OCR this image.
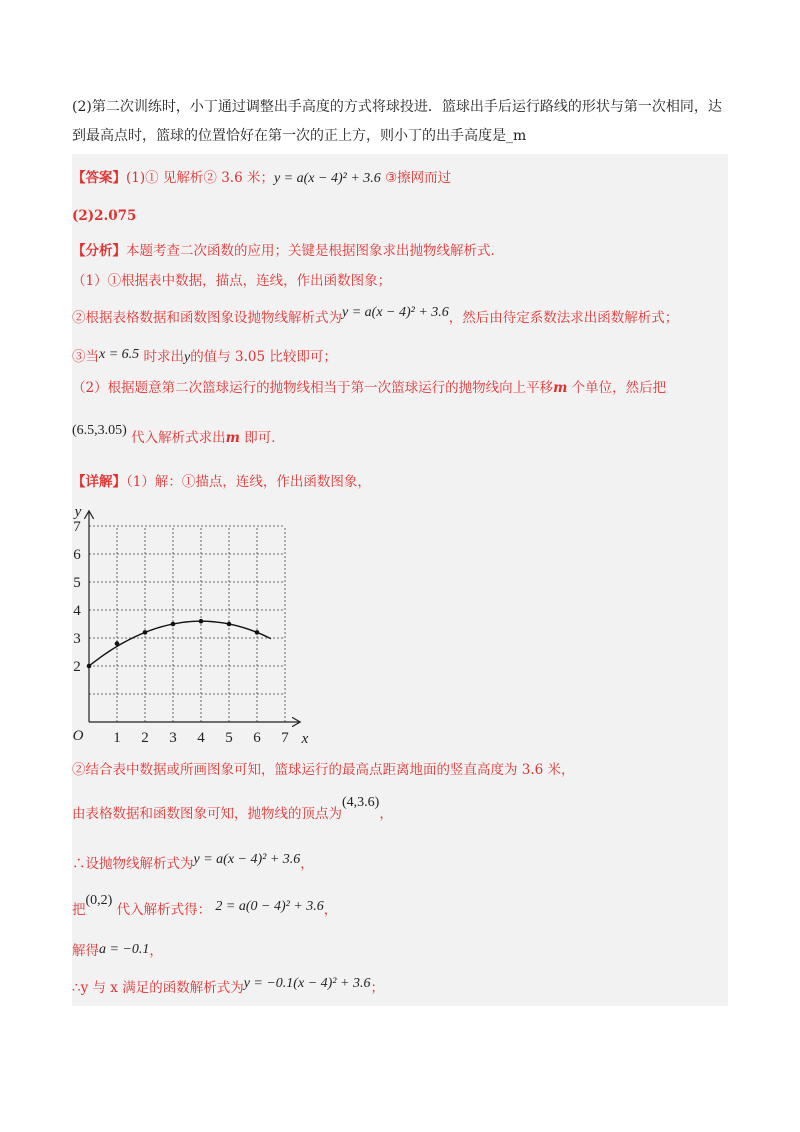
(2)第二次训练时，小丁通过调整出手高度的方式将球投进．篮球出手后运行路线的形状与第一次相同，达
到最高点时，篮球的位置恰好在第一次的正上方，则小丁的出手高度是_m
【答案】(1)① 见解析② 3.6 米；y = a(x − 4)² + 3.6 ③擦网而过
(2)2.075
【分析】本题考查二次函数的应用；关键是根据图象求出抛物线解析式．
（1）①根据表中数据，描点，连线，作出函数图象；
②根据表格数据和函数图象设抛物线解析式为y = a(x − 4)² + 3.6，然后由待定系数法求出函数解析式；
③当x = 6.5 时求出y的值与 3.05 比较即可；
（2）根据题意第二次篮球运行的抛物线相当于第一次篮球运行的抛物线向上平移m 个单位，然后把
(6.5,3.05) 代入解析式求出m 即可．
【详解】（1）解：①描点，连线，作出函数图象，
1 2 3 4 5 6 7
2
3
4
5
6
7
O	x
y
②结合表中数据或所画图象可知，篮球运行的最高点距离地面的竖直高度为 3.6 米，
由表格数据和函数图象可知，抛物线的顶点为(4,3.6)，
∴设抛物线解析式为y = a(x − 4)² + 3.6，
把(0,2) 代入解析式得： 2 = a(0 − 4)² + 3.6，
解得a = −0.1，
∴y 与 x 满足的函数解析式为y = −0.1(x − 4)² + 3.6；
